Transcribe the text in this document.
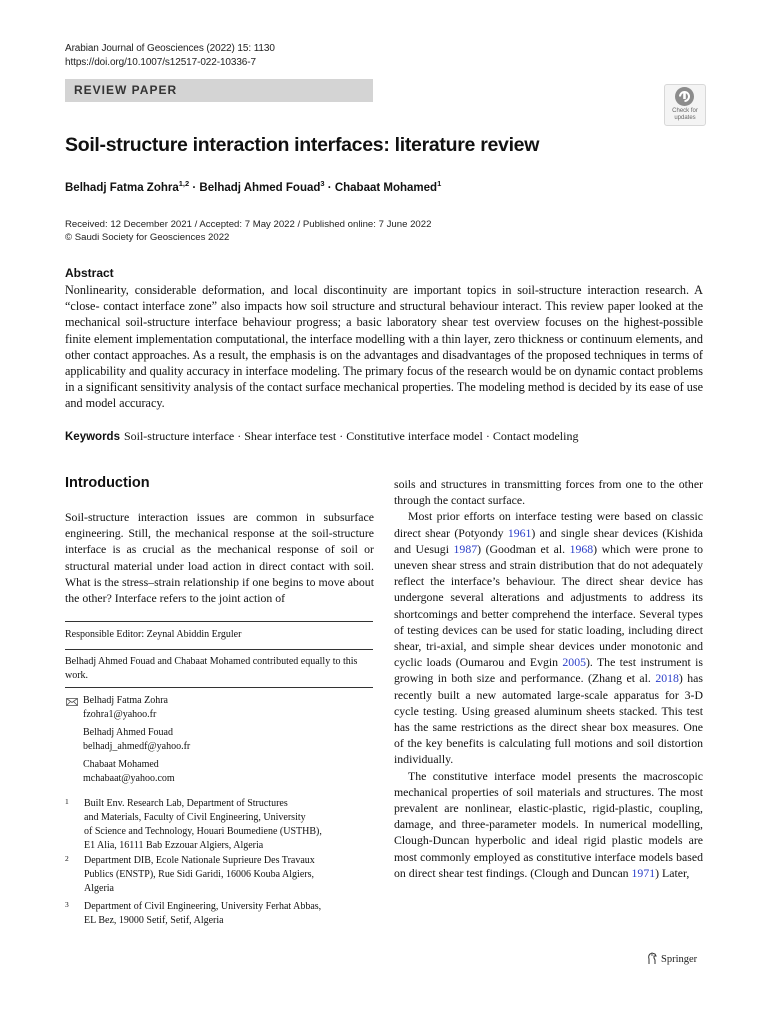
Arabian Journal of Geosciences (2022) 15: 1130
https://doi.org/10.1007/s12517-022-10336-7
REVIEW PAPER
Check for
updates
Soil-structure interaction interfaces: literature review
Belhadj Fatma Zohra$^{1,2}$ · Belhadj Ahmed Fouad$^3$ · Chabaat Mohamed$^1$
Received: 12 December 2021 / Accepted: 7 May 2022 / Published online: 7 June 2022
© Saudi Society for Geosciences 2022
Abstract
Nonlinearity, considerable deformation, and local discontinuity are important topics in soil-structure interaction research. A “close- contact interface zone” also impacts how soil structure and structural behaviour interact. This review paper looked at the mechanical soil-structure interface behaviour progress; a basic laboratory shear test overview focuses on the highest-possible finite element implementation computational, the interface modelling with a thin layer, zero thickness or continuum elements, and other contact approaches. As a result, the emphasis is on the advantages and disadvantages of the proposed techniques in terms of applicability and quality accuracy in interface modeling. The primary focus of the research would be on dynamic contact problems in a significant sensitivity analysis of the contact surface mechanical properties. The modeling method is decided by its ease of use and model accuracy.
Keywords Soil-structure interface · Shear interface test · Constitutive interface model · Contact modeling
Introduction
Soil-structure interaction issues are common in subsurface engineering. Still, the mechanical response at the soil-structure interface is as crucial as the mechanical response of soil or structural material under load action in direct contact with soil. What is the stress–strain relationship if one begins to move about the other? Interface refers to the joint action of
Responsible Editor: Zeynal Abiddin Erguler
Belhadj Ahmed Fouad and Chabaat Mohamed contributed equally to this work.
Belhadj Fatma Zohra
fzohra1@yahoo.fr
Belhadj Ahmed Fouad
belhadj_ahmedf@yahoo.fr
Chabaat Mohamed
mchabaat@yahoo.com
1 Built Env. Research Lab, Department of Structures
and Materials, Faculty of Civil Engineering, University
of Science and Technology, Houari Boumediene (USTHB),
E1 Alia, 16111 Bab Ezzouar Algiers, Algeria
2 Department DIB, Ecole Nationale Suprieure Des Travaux
Publics (ENSTP), Rue Sidi Garidi, 16006 Kouba Algiers,
Algeria
3 Department of Civil Engineering, University Ferhat Abbas,
EL Bez, 19000 Setif, Setif, Algeria

soils and structures in transmitting forces from one to the other through the contact surface.

Most prior efforts on interface testing were based on classic direct shear (Potyondy 1961) and single shear devices (Kishida and Uesugi 1987) (Goodman et al. 1968) which were prone to uneven shear stress and strain distribution that do not adequately reflect the interface’s behaviour. The direct shear device has undergone several alterations and adjustments to address its shortcomings and better comprehend the interface. Several types of testing devices can be used for static loading, including direct shear, tri-axial, and simple shear devices under monotonic and cyclic loads (Oumarou and Evgin 2005). The test instrument is growing in both size and performance. (Zhang et al. 2018) has recently built a new automated large-scale apparatus for 3-D cycle testing. Using greased aluminum sheets stacked. This test has the same restrictions as the direct shear box measures. One of the key benefits is calculating full motions and soil distortion individually.

The constitutive interface model presents the macroscopic mechanical properties of soil materials and structures. The most prevalent are nonlinear, elastic-plastic, rigid-plastic, coupling, damage, and three-parameter models. In numerical modelling, Clough-Duncan hyperbolic and ideal rigid plastic models are most commonly employed as constitutive interface models based on direct shear test findings. (Clough and Duncan 1971) Later,

Springer
